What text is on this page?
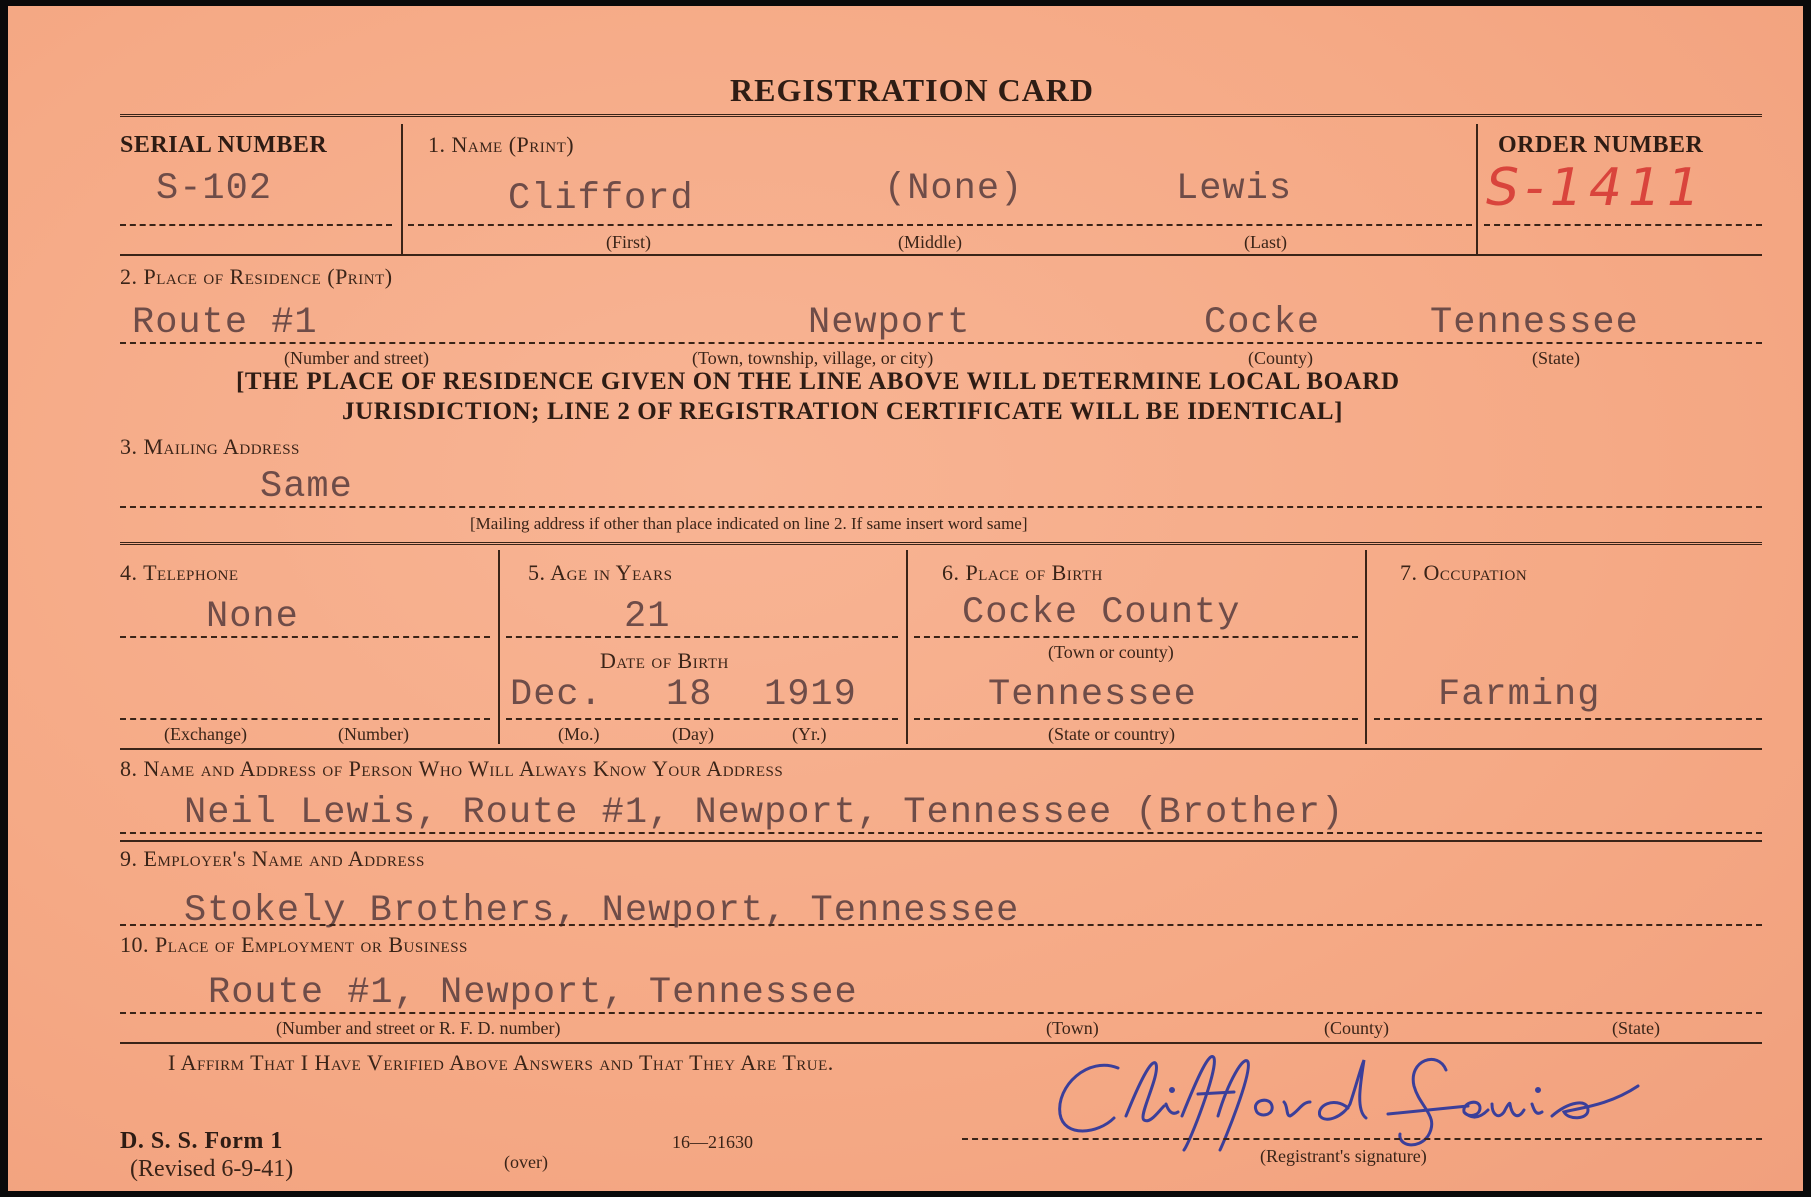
REGISTRATION CARD
SERIAL NUMBER
S-102
1. Name (Print)
Clifford	(None)	Lewis
(First)	(Middle)	(Last)
ORDER NUMBER
S-1411
2. Place of Residence (Print)
Route #1	Newport	Cocke	Tennessee
(Number and street)	(Town, township, village, or city)	(County)	(State)
[THE PLACE OF RESIDENCE GIVEN ON THE LINE ABOVE WILL DETERMINE LOCAL BOARD
JURISDICTION; LINE 2 OF REGISTRATION CERTIFICATE WILL BE IDENTICAL]
3. Mailing Address
Same
[Mailing address if other than place indicated on line 2. If same insert word same]
4. Telephone
None
(Exchange)	(Number)
5. Age in Years
21
Date of Birth
Dec. 18 1919
(Mo.)	(Day)	(Yr.)
6. Place of Birth
Cocke County
(Town or county)
Tennessee
(State or country)
7. Occupation
Farming
8. Name and Address of Person Who Will Always Know Your Address
Neil Lewis, Route #1, Newport, Tennessee (Brother)
9. Employer's Name and Address
Stokely Brothers, Newport, Tennessee
10. Place of Employment or Business
Route #1, Newport, Tennessee
(Number and street or R. F. D. number)	(Town)	(County)	(State)
I Affirm That I Have Verified Above Answers and That They Are True.
(Registrant's signature)
D. S. S. Form 1
(Revised 6-9-41)	(over)
16—21630
